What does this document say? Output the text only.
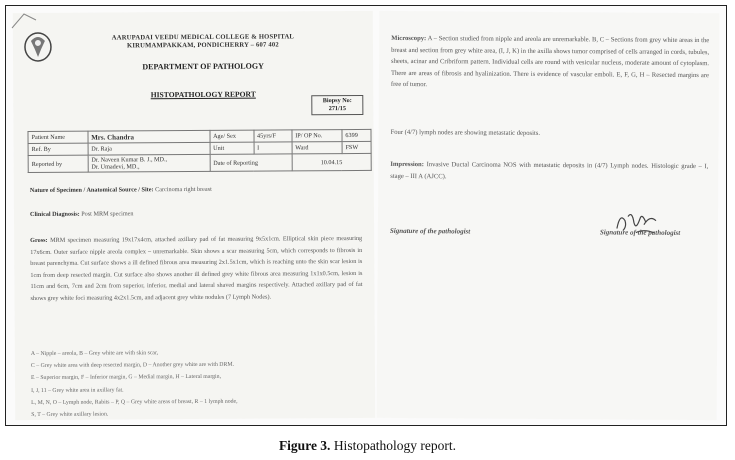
AARUPADAI VEEDU MEDICAL COLLEGE & HOSPITAL
KIRUMAMPAKKAM, PONDICHERRY – 607 402
DEPARTMENT OF PATHOLOGY
HISTOPATHOLOGY REPORT
Biopsy No:
271/15
Patient Name	Mrs. Chandra	Age/ Sex	45yrs/F	IP/ OP No.	6399
Ref. By	Dr. Raja	Unit	I	Ward	FSW
Reported by	Dr. Naveen Kumar B. J., MD.,
Dr. Umadevi, MD.,	Date of Reporting		10.04.15	
Nature of Specimen / Anatomical Source / Site: Carcinoma right breast
Clinical Diagnosis: Post MRM specimen
Gross: MRM specimen measuring 19x17x4cm, attached axillary pad of fat measuring 9x5x1cm. Elliptical skin piece measuring 17x6cm. Outer surface nipple areola complex – unremarkable. Skin shows a scar measuring 5cm, which corresponds to fibrosis in breast parenchyma. Cut surface shows a ill defined fibrous area measuring 2x1.5x1cm, which is reaching unto the skin scar lesion is 1cm from deep resected margin. Cut surface also shows another ill defined grey white fibrous area measuring 1x1x0.5cm, lesion is 11cm and 6cm, 7cm and 2cm from superior, inferior, medial and lateral shaved margins respectively. Attached axillary pad of fat shows grey white foci measuring 4x2x1.5cm, and adjacent grey white nodules (7 Lymph Nodes).
A – Nipple – areola, B – Grey white are with skin scar,
C – Grey white area with deep resected margin, D – Another grey white are with DRM.
E – Superior margin, F – Inferior margin, G – Medial margin, H – Lateral margin,
I, J, 11 – Grey white area in axillary fat.
L, M, N, O – Lymph node, Rabits – P, Q – Grey white areas of breast, R – 1 lymph node,
S, T – Grey white axillary lesion.
Microscopy: A – Section studied from nipple and areola are unremarkable. B, C – Sections from grey white areas in the breast and section from grey white area, (I, J, K) in the axilla shows tumor comprised of cells arranged in cords, tubules, sheets, acinar and Cribriform pattern. Individual cells are round with vesicular nucleus, moderate amount of cytoplasm. There are areas of fibrosis and hyalinization. There is evidence of vascular emboli. E, F, G, H – Resected margins are free of tumor.
Four (4/7) lymph nodes are showing metastatic deposits.
Impression: Invasive Ductal Carcinoma NOS with metastatic deposits in (4/7) Lymph nodes. Histologic grade – I, stage – III A (AJCC).
Signature of the pathologist	Signature of the pathologist
Figure 3. Histopathology report.
